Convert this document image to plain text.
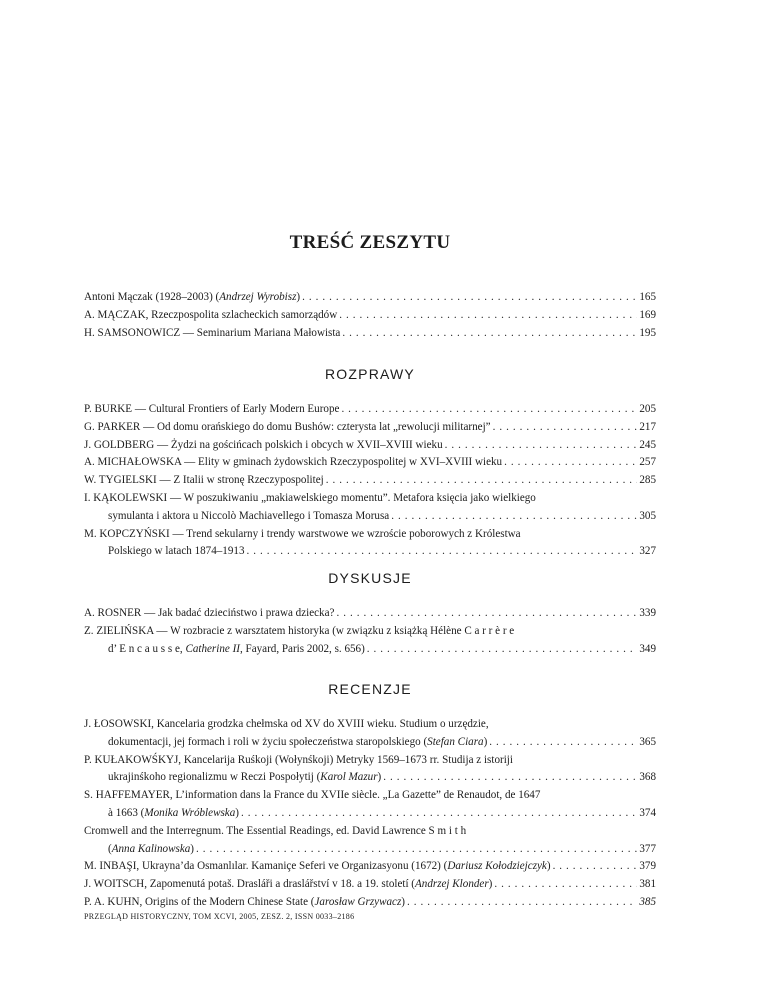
TREŚĆ ZESZYTU
Antoni Mączak (1928–2003) (Andrzej Wyrobisz) . . .	165
A. MĄCZAK, Rzeczpospolita szlacheckich samorządów . . .	169
H. SAMSONOWICZ — Seminarium Mariana Małowista . . .	195
ROZPRAWY
P. BURKE — Cultural Frontiers of Early Modern Europe . . .	205
G. PARKER — Od domu orańskiego do domu Bushów: czterysta lat „rewolucji militarnej” . . .	217
J. GOLDBERG — Żydzi na gościńcach polskich i obcych w XVII–XVIII wieku . . .	245
A. MICHAŁOWSKA — Elity w gminach żydowskich Rzeczypospolitej w XVI–XVIII wieku . . .	257
W. TYGIELSKI — Z Italii w stronę Rzeczypospolitej . . .	285
I. KĄKOLEWSKI — W poszukiwaniu „makiawelskiego momentu”. Metafora księcia jako wielkiego
symulanta i aktora u Niccolò Machiavellego i Tomasza Morusa . . .	305
M. KOPCZYŃSKI — Trend sekularny i trendy warstwowe we wzroście poborowych z Królestwa
Polskiego w latach 1874–1913 . . .	327
DYSKUSJE
A. ROSNER — Jak badać dzieciństwo i prawa dziecka? . . .	339
Z. ZIELIŃSKA — W rozbracie z warsztatem historyka (w związku z książką Hélène C a r r è r e
d’ E n c a u s s e, Catherine II, Fayard, Paris 2002, s. 656) . . .	349
RECENZJE
J. ŁOSOWSKI, Kancelaria grodzka chełmska od XV do XVIII wieku. Studium o urzędzie,
dokumentacji, jej formach i roli w życiu społeczeństwa staropolskiego (Stefan Ciara) . . .	365
P. KUŁAKOWŚKYJ, Kancelarija Ruśkoji (Wołynśkoji) Metryky 1569–1673 rr. Studija z istoriji
ukrajinśkoho regionalizmu w Reczi Pospołytij (Karol Mazur) . . .	368
S. HAFFEMAYER, L’information dans la France du XVIIe siècle. „La Gazette” de Renaudot, de 1647
à 1663 (Monika Wróblewska) . . .	374
Cromwell and the Interregnum. The Essential Readings, ed. David Lawrence S m i t h
(Anna Kalinowska) . . .	377
M. INBAŞI, Ukrayna’da Osmanlılar. Kamaniçe Seferi ve Organizasyonu (1672) (Dariusz Kołodziejczyk) . . .	379
J. WOITSCH, Zapomenutá potaš. Draslářі a draslářství v 18. a 19. století (Andrzej Klonder) . . .	381
P. A. KUHN, Origins of the Modern Chinese State (Jarosław Grzywacz) . . .	385
PRZEGLĄD HISTORYCZNY, TOM XCVI, 2005, ZESZ. 2, ISSN 0033–2186
